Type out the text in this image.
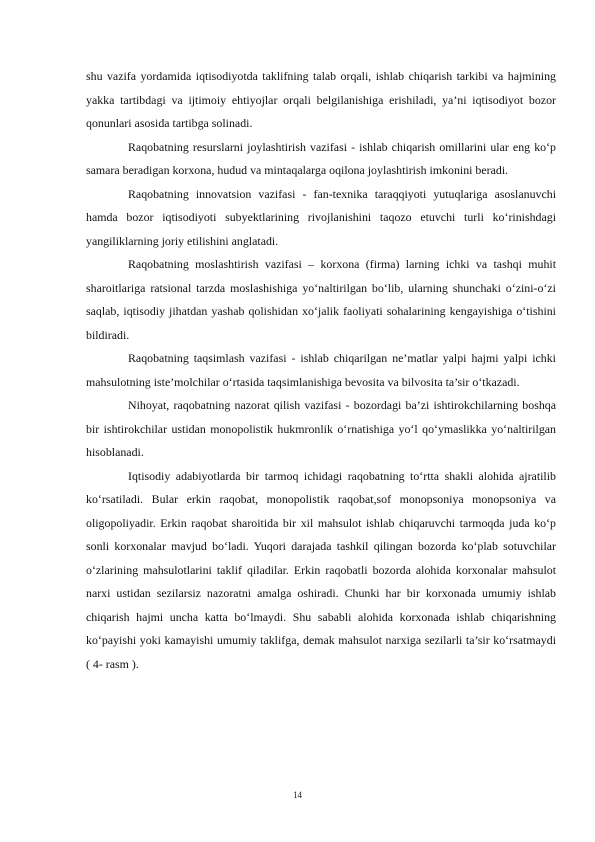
shu vazifa yordamida iqtisodiyotda taklifning talab orqali, ishlab chiqarish tarkibi va hajmining yakka tartibdagi va ijtimoiy ehtiyojlar orqali belgilanishiga erishiladi, ya’ni iqtisodiyot bozor qonunlari asosida tartibga solinadi.

Raqobatning resurslarni joylashtirish vazifasi - ishlab chiqarish omillarini ular eng ko‘p samara beradigan korxona, hudud va mintaqalarga oqilona joylashtirish imkonini beradi.

Raqobatning innovatsion vazifasi - fan-texnika taraqqiyoti yutuqlariga asoslanuvchi hamda bozor iqtisodiyoti subyektlarining rivojlanishini taqozo etuvchi turli ko‘rinishdagi yangiliklarning joriy etilishini anglatadi.

Raqobatning moslashtirish vazifasi – korxona (firma) larning ichki va tashqi muhit sharoitlariga ratsional tarzda moslashishiga yo‘naltirilgan bo‘lib, ularning shunchaki o‘zini-o‘zi saqlab, iqtisodiy jihatdan yashab qolishidan xo‘jalik faoliyati sohalarining kengayishiga o‘tishini bildiradi.

Raqobatning taqsimlash vazifasi - ishlab chiqarilgan ne’matlar yalpi hajmi yalpi ichki mahsulotning iste’molchilar o‘rtasida taqsimlanishiga bevosita va bilvosita ta’sir o‘tkazadi.

Nihoyat, raqobatning nazorat qilish vazifasi - bozordagi ba’zi ishtirokchilarning boshqa bir ishtirokchilar ustidan monopolistik hukmronlik o‘rnatishiga yo‘l qo‘ymaslikka yo‘naltirilgan hisoblanadi.

Iqtisodiy adabiyotlarda bir tarmoq ichidagi raqobatning to‘rtta shakli alohida ajratilib ko‘rsatiladi. Bular erkin raqobat, monopolistik raqobat,sof monopsoniya monopsoniya va oligopoliyadir. Erkin raqobat sharoitida bir xil mahsulot ishlab chiqaruvchi tarmoqda juda ko‘p sonli korxonalar mavjud bo‘ladi. Yuqori darajada tashkil qilingan bozorda ko‘plab sotuvchilar o‘zlarining mahsulotlarini taklif qiladilar. Erkin raqobatli bozorda alohida korxonalar mahsulot narxi ustidan sezilarsiz nazoratni amalga oshiradi. Chunki har bir korxonada umumiy ishlab chiqarish hajmi uncha katta bo‘lmaydi. Shu sababli alohida korxonada ishlab chiqarishning ko‘payishi yoki kamayishi umumiy taklifga, demak mahsulot narxiga sezilarli ta’sir ko‘rsatmaydi ( 4- rasm ).

14
